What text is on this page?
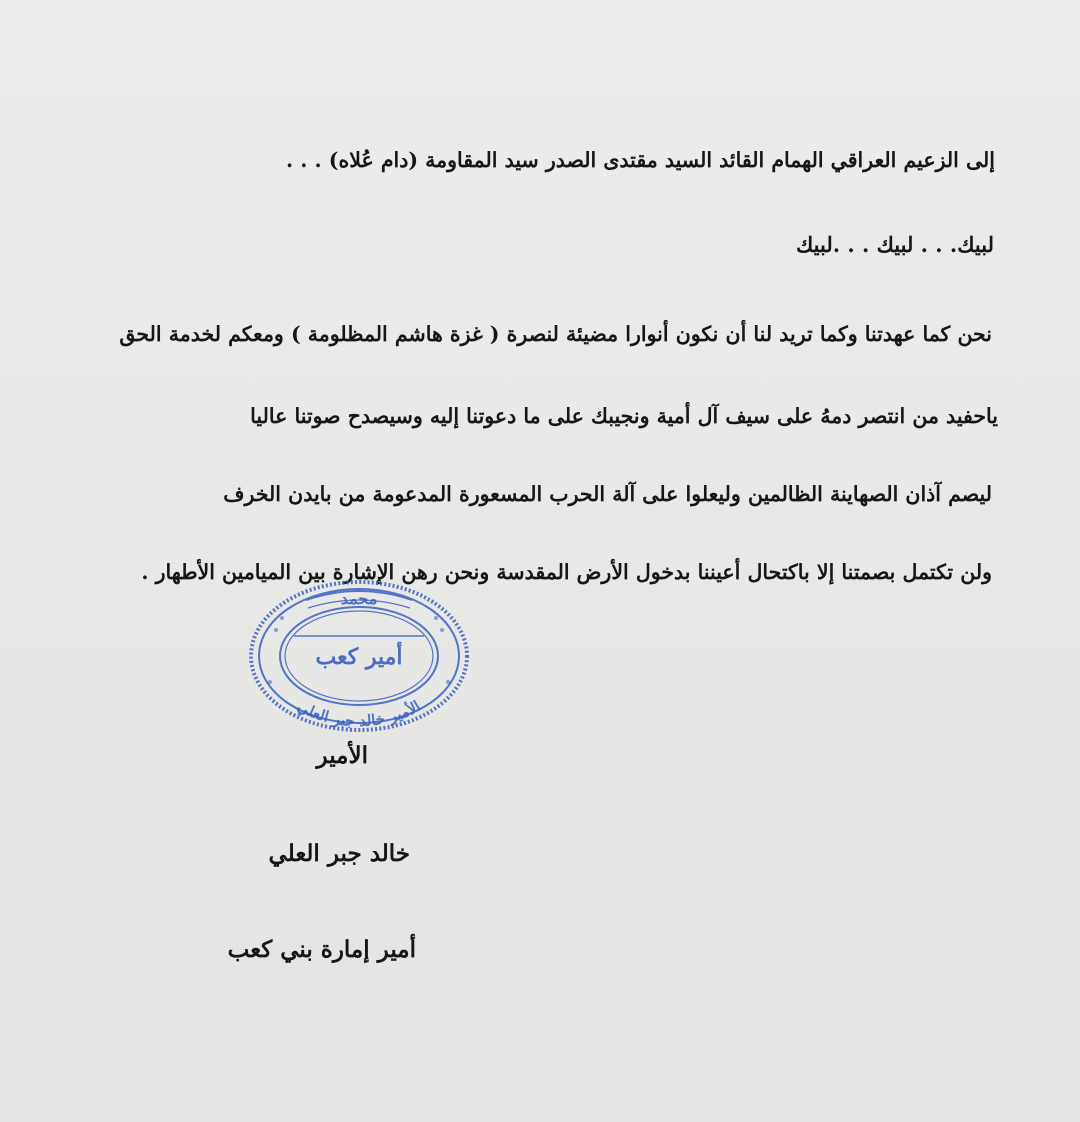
إلى الزعيم العراقي الهمام القائد السيد مقتدى الصدر سيد المقاومة (دام عُلاه) . . .
لبيك. . . لبيك . . .لبيك
نحن كما عهدتنا وكما تريد لنا أن نكون أنوارا مضيئة لنصرة ( غزة هاشم المظلومة ) ومعكم لخدمة الحق
ياحفيد من انتصر دمهُ على سيف آل أمية ونجيبك على ما دعوتنا إليه وسيصدح صوتنا عاليا
ليصم آذان الصهاينة الظالمين وليعلوا على آلة الحرب المسعورة المدعومة من بايدن الخرف
ولن تكتمل بصمتنا إلا باكتحال أعيننا بدخول الأرض المقدسة ونحن رهن الإشارة بين الميامين الأطهار .
محمد
أمير كعب
الأمير خالد جبر العلي
الأمير
خالد جبر العلي
أمير إمارة بني كعب
